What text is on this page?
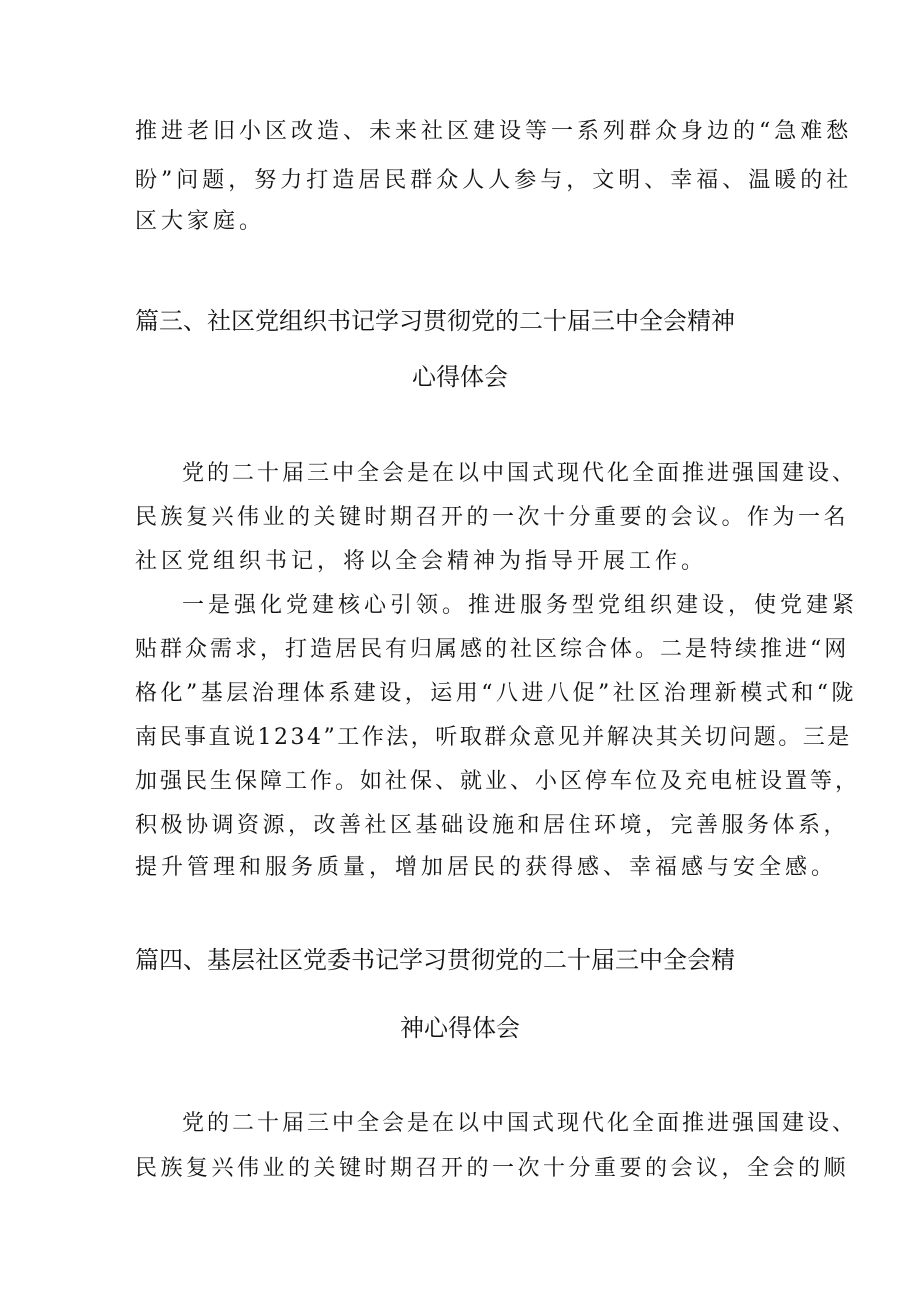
推进老旧小区改造、未来社区建设等一系列群众身边的“急难愁

盼”问题，努力打造居民群众人人参与，文明、幸福、温暖的社

区大家庭。

篇三、社区党组织书记学习贯彻党的二十届三中全会精神
心得体会

党的二十届三中全会是在以中国式现代化全面推进强国建设、

民族复兴伟业的关键时期召开的一次十分重要的会议。作为一名

社区党组织书记，将以全会精神为指导开展工作。

一是强化党建核心引领。推进服务型党组织建设，使党建紧

贴群众需求，打造居民有归属感的社区综合体。二是特续推进“网

格化”基层治理体系建设，运用“八进八促”社区治理新模式和“陇

南民事直说1234”工作法，听取群众意见并解决其关切问题。三是

加强民生保障工作。如社保、就业、小区停车位及充电桩设置等，

积极协调资源，改善社区基础设施和居住环境，完善服务体系，

提升管理和服务质量，增加居民的获得感、幸福感与安全感。

篇四、基层社区党委书记学习贯彻党的二十届三中全会精
神心得体会

党的二十届三中全会是在以中国式现代化全面推进强国建设、

民族复兴伟业的关键时期召开的一次十分重要的会议，全会的顺
